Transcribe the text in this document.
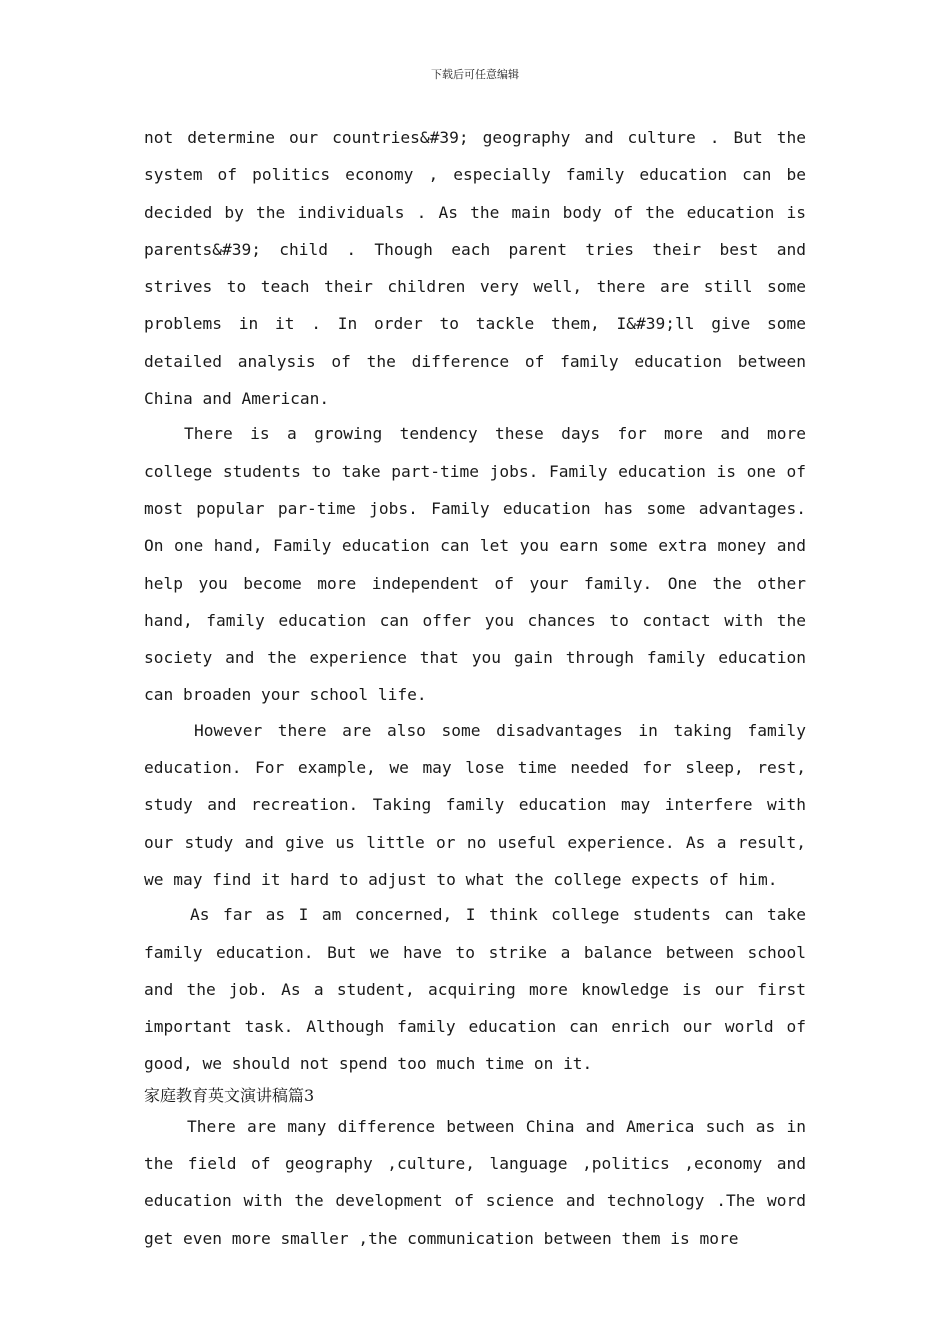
下载后可任意编辑

not determine our countries&#39; geography and culture . But the system of politics economy , especially family education can be decided by the individuals . As the main body of the education is parents&#39; child . Though each parent tries their best and strives to teach their children very well, there are still some problems in it . In order to tackle them, I&#39;ll give some detailed analysis of the difference of family education between China and American.

There is a growing tendency these days for more and more college students to take part-time jobs. Family education is one of most popular par-time jobs. Family education has some advantages. On one hand, Family education can let you earn some extra money and help you become more independent of your family. One the other hand, family education can offer you chances to contact with the society and the experience that you gain through family education can broaden your school life.

However there are also some disadvantages in taking family education. For example, we may lose time needed for sleep, rest, study and recreation. Taking family education may interfere with our study and give us little or no useful experience. As a result, we may find it hard to adjust to what the college expects of him.

As far as I am concerned, I think college students can take family education. But we have to strike a balance between school and the job. As a student, acquiring more knowledge is our first important task. Although family education can enrich our world of good, we should not spend too much time on it.

家庭教育英文演讲稿篇3

There are many difference between China and America such as in the field of geography ,culture, language ,politics ,economy and education with the development of science and technology .The word get even more smaller ,the communication between them is more
